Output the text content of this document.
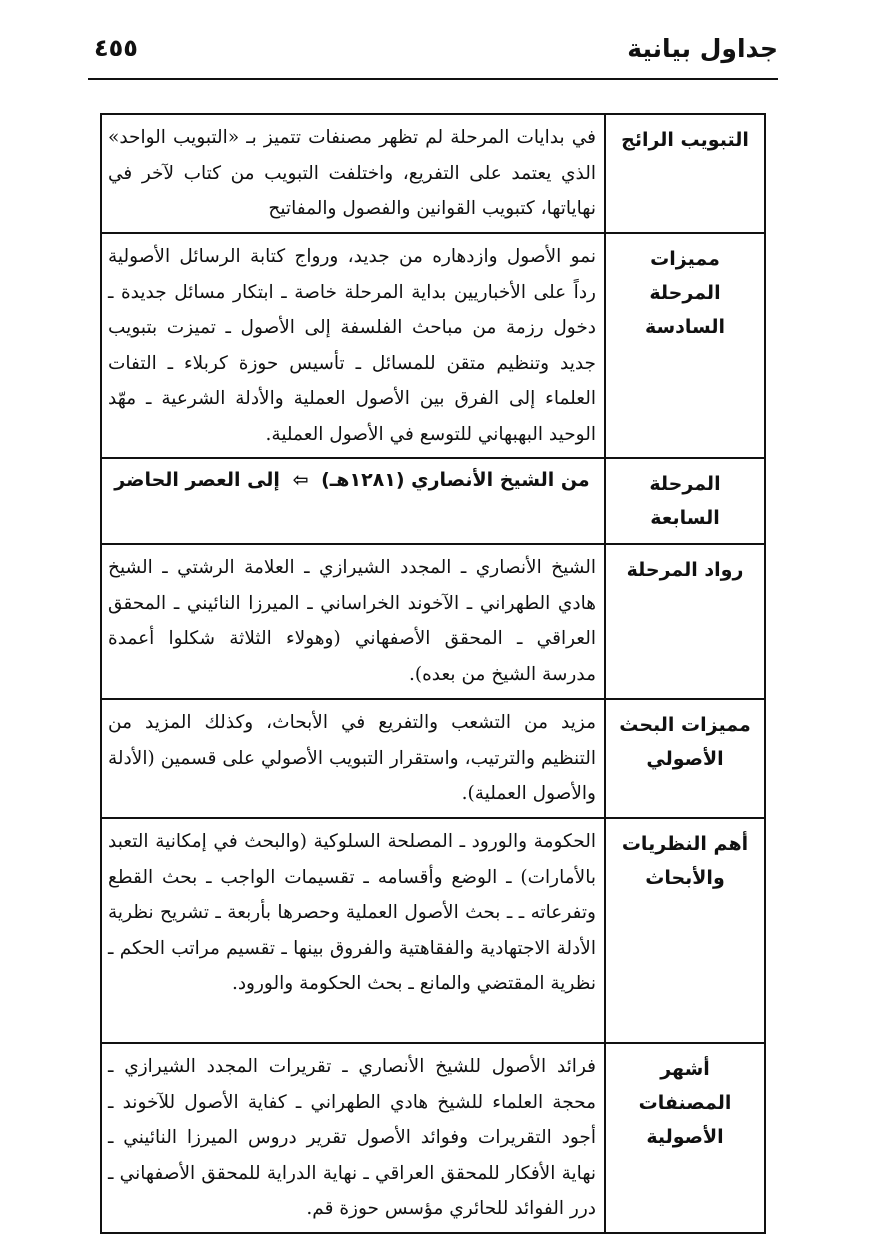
جداول بيانية
٤٥٥
التبويب الرائج	في بدايات المرحلة لم تظهر مصنفات تتميز بـ «التبويب الواحد» الذي يعتمد على التفريع، واختلفت التبويب من كتاب لآخر في نهاياتها، كتبويب القوانين والفصول والمفاتيح
مميزات المرحلة السادسة	نمو الأصول وازدهاره من جديد، ورواج كتابة الرسائل الأصولية رداً على الأخباريين بداية المرحلة خاصة ـ ابتكار مسائل جديدة ـ دخول رزمة من مباحث الفلسفة إلى الأصول ـ تميزت بتبويب جديد وتنظيم متقن للمسائل ـ تأسيس حوزة كربلاء ـ التفات العلماء إلى الفرق بين الأصول العملية والأدلة الشرعية ـ مهّد الوحيد البهبهاني للتوسع في الأصول العملية.
المرحلة السابعة	من الشيخ الأنصاري (١٢٨١هـ) ⇦ إلى العصر الحاضر
رواد المرحلة	الشيخ الأنصاري ـ المجدد الشيرازي ـ العلامة الرشتي ـ الشيخ هادي الطهراني ـ الآخوند الخراساني ـ الميرزا النائيني ـ المحقق العراقي ـ المحقق الأصفهاني (وهولاء الثلاثة شكلوا أعمدة مدرسة الشيخ من بعده).
مميزات البحث الأصولي	مزيد من التشعب والتفريع في الأبحاث، وكذلك المزيد من التنظيم والترتيب، واستقرار التبويب الأصولي على قسمين (الأدلة والأصول العملية).
أهم النظريات والأبحاث	الحكومة والورود ـ المصلحة السلوكية (والبحث في إمكانية التعبد بالأمارات) ـ الوضع وأقسامه ـ تقسيمات الواجب ـ بحث القطع وتفرعاته ـ ـ بحث الأصول العملية وحصرها بأربعة ـ تشريح نظرية الأدلة الاجتهادية والفقاهتية والفروق بينها ـ تقسيم مراتب الحكم ـ نظرية المقتضي والمانع ـ بحث الحكومة والورود.
أشهر المصنفات الأصولية	فرائد الأصول للشيخ الأنصاري ـ تقريرات المجدد الشيرازي ـ محجة العلماء للشيخ هادي الطهراني ـ كفاية الأصول للآخوند ـ أجود التقريرات وفوائد الأصول تقرير دروس الميرزا النائيني ـ نهاية الأفكار للمحقق العراقي ـ نهاية الدراية للمحقق الأصفهاني ـ درر الفوائد للحائري مؤسس حوزة قم.
